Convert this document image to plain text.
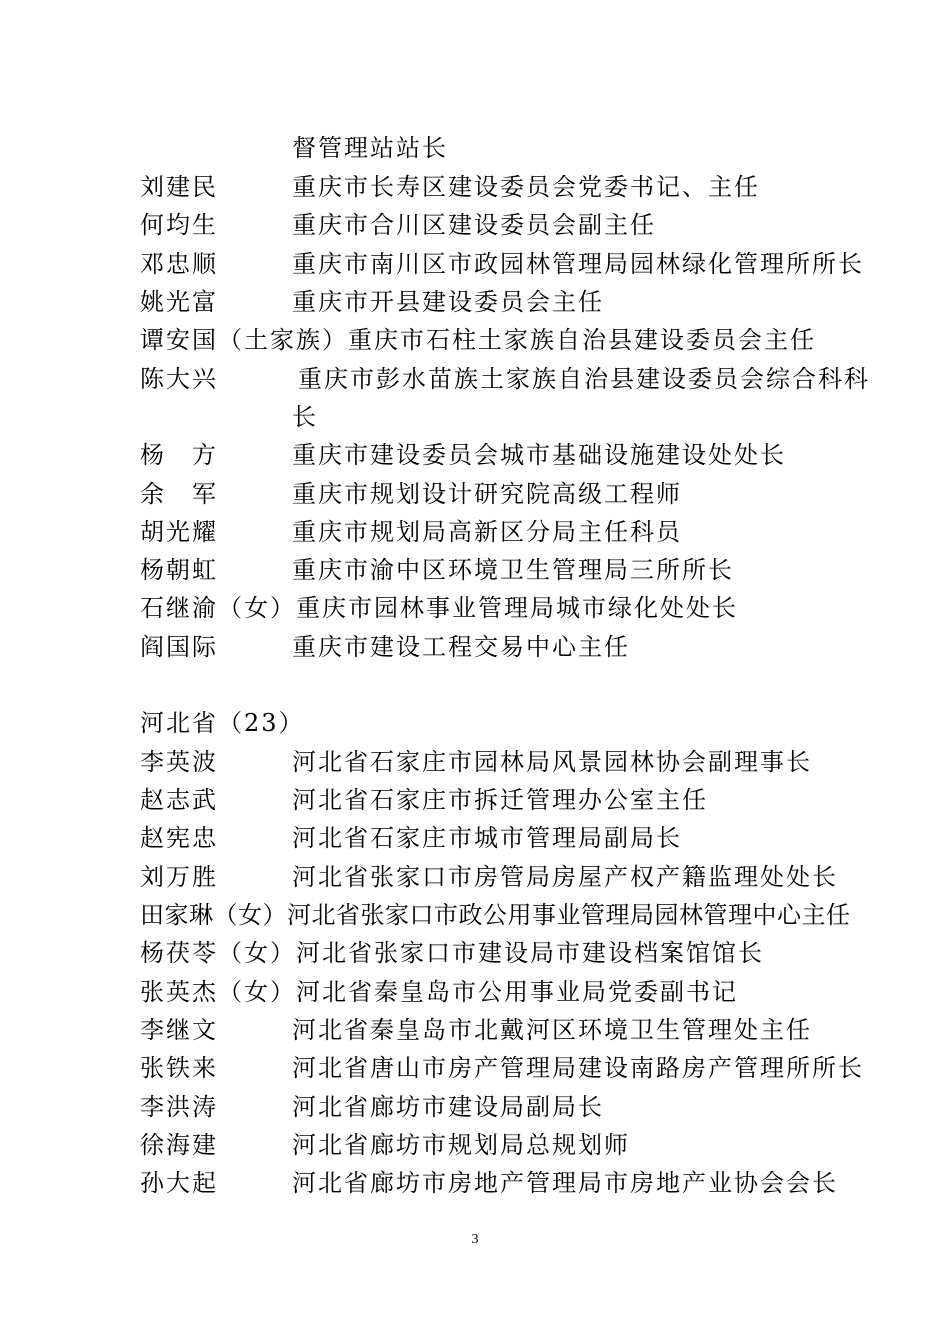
督管理站站长
刘建民	重庆市长寿区建设委员会党委书记、主任
何均生	重庆市合川区建设委员会副主任
邓忠顺	重庆市南川区市政园林管理局园林绿化管理所所长
姚光富	重庆市开县建设委员会主任
谭安国（土家族）重庆市石柱土家族自治县建设委员会主任
陈大兴	重庆市彭水苗族土家族自治县建设委员会综合科科
长
杨　方	重庆市建设委员会城市基础设施建设处处长
余　军	重庆市规划设计研究院高级工程师
胡光耀	重庆市规划局高新区分局主任科员
杨朝虹	重庆市渝中区环境卫生管理局三所所长
石继渝（女）重庆市园林事业管理局城市绿化处处长
阎国际	重庆市建设工程交易中心主任
河北省（23）
李英波	河北省石家庄市园林局风景园林协会副理事长
赵志武	河北省石家庄市拆迁管理办公室主任
赵宪忠	河北省石家庄市城市管理局副局长
刘万胜	河北省张家口市房管局房屋产权产籍监理处处长
田家琳（女）河北省张家口市政公用事业管理局园林管理中心主任
杨茯苓（女）河北省张家口市建设局市建设档案馆馆长
张英杰（女）河北省秦皇岛市公用事业局党委副书记
李继文	河北省秦皇岛市北戴河区环境卫生管理处主任
张铁来	河北省唐山市房产管理局建设南路房产管理所所长
李洪涛	河北省廊坊市建设局副局长
徐海建	河北省廊坊市规划局总规划师
孙大起	河北省廊坊市房地产管理局市房地产业协会会长
3
